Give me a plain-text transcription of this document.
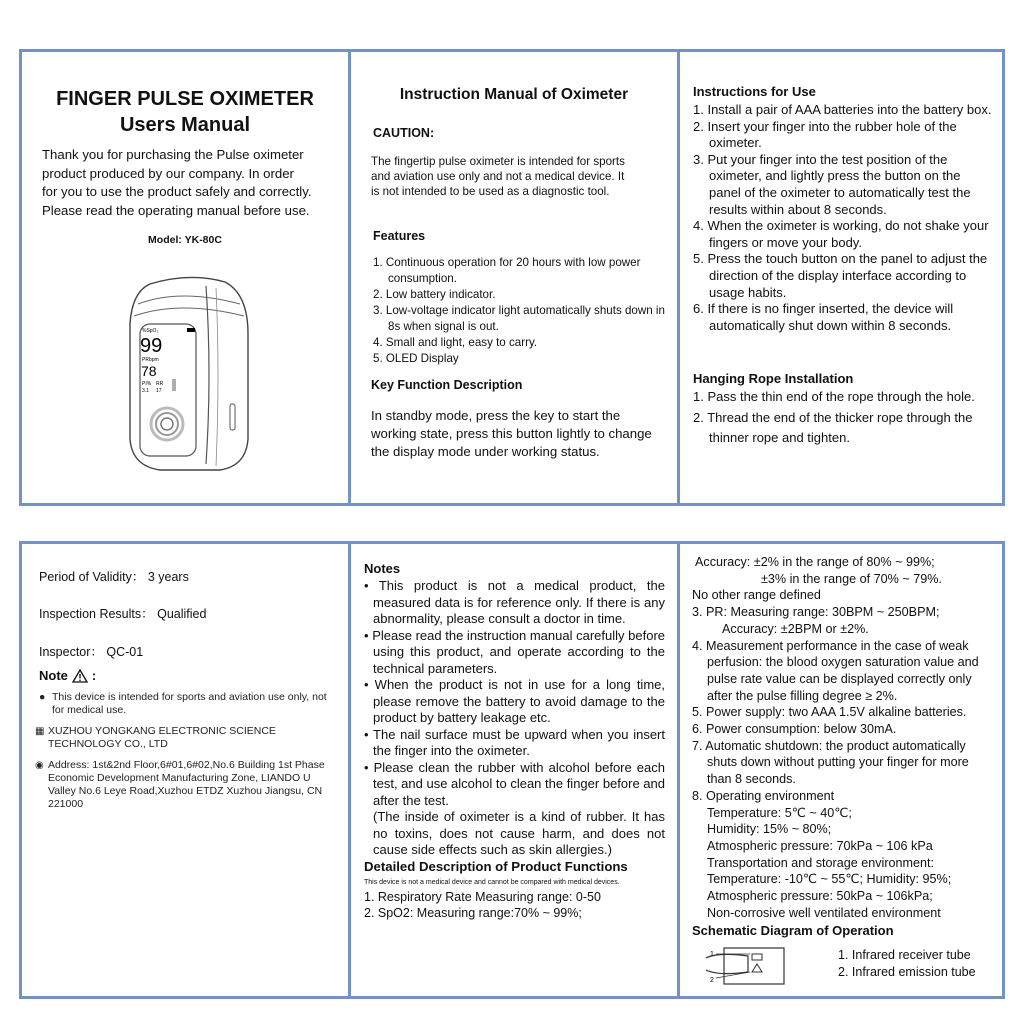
FINGER PULSE OXIMETER
Users Manual
Thank you for purchasing the Pulse oximeter
product produced by our company. In order
for you to use the product safely and correctly.
Please read the operating manual before use.
Model: YK-80C
%SpO₂
99
PRbpm
78
PI% RR
3.1 17
Instruction Manual of Oximeter
CAUTION:
The fingertip pulse oximeter is intended for sports
and aviation use only and not a medical device. It
is not intended to be used as a diagnostic tool.
Features
1. Continuous operation for 20 hours with low power consumption.
2. Low battery indicator.
3. Low-voltage indicator light automatically shuts down in 8s when signal is out.
4. Small and light, easy to carry.
5. OLED Display
Key Function Description

In standby mode, press the key to start the working state, press this button lightly to change the display mode under working status.

Instructions for Use
1. Install a pair of AAA batteries into the battery box.
2. Insert your finger into the rubber hole of the oximeter.
3. Put your finger into the test position of the oximeter, and lightly press the button on the panel of the oximeter to automatically test the results within about 8 seconds.
4. When the oximeter is working, do not shake your fingers or move your body.
5. Press the touch button on the panel to adjust the direction of the display interface according to usage habits.
6. If there is no finger inserted, the device will automatically shut down within 8 seconds.
Hanging Rope Installation
1. Pass the thin end of the rope through the hole.
2. Thread the end of the thicker rope through the thinner rope and tighten.
Period of Validity： 3 years
Inspection Results： Qualified
Inspector： QC-01
Note :
● This device is intended for sports and aviation use only, not for medical use.
▦ XUZHOU YONGKANG ELECTRONIC SCIENCE TECHNOLOGY CO., LTD
◉ Address: 1st&2nd Floor,6#01,6#02,No.6 Building 1st Phase Economic Development Manufacturing Zone, LIANDO U Valley No.6 Leye Road,Xuzhou ETDZ Xuzhou Jiangsu, CN 221000
Notes
• This product is not a medical product, the measured data is for reference only. If there is any abnormality, please consult a doctor in time.
• Please read the instruction manual carefully before using this product, and operate according to the technical parameters.
• When the product is not in use for a long time, please remove the battery to avoid damage to the product by battery leakage etc.
• The nail surface must be upward when you insert the finger into the oximeter.
• Please clean the rubber with alcohol before each test, and use alcohol to clean the finger before and after the test.

(The inside of oximeter is a kind of rubber. It has no toxins, does not cause harm, and does not cause side effects such as skin allergies.)

Detailed Description of Product Functions
This device is not a medical device and cannot be compared with medical devices.
1. Respiratory Rate Measuring range: 0-50
2. SpO2: Measuring range:70% ~ 99%;
Accuracy: ±2% in the range of 80% ~ 99%;
±3% in the range of 70% ~ 79%.
No other range defined
3. PR: Measuring range: 30BPM ~ 250BPM;
Accuracy: ±2BPM or ±2%.
4. Measurement performance in the case of weak perfusion: the blood oxygen saturation value and pulse rate value can be displayed correctly only after the pulse filling degree ≥ 2%.
5. Power supply: two AAA 1.5V alkaline batteries.
6. Power consumption: below 30mA.
7. Automatic shutdown: the product automatically shuts down without putting your finger for more than 8 seconds.
8. Operating environment
Temperature: 5℃ ~ 40℃;
Humidity: 15% ~ 80%;
Atmospheric pressure: 70kPa ~ 106 kPa
Transportation and storage environment:
Temperature: -10℃ ~ 55℃; Humidity: 95%;
Atmospheric pressure: 50kPa ~ 106kPa;
Non-corrosive well ventilated environment
Schematic Diagram of Operation
1
2
1. Infrared receiver tube
2. Infrared emission tube
